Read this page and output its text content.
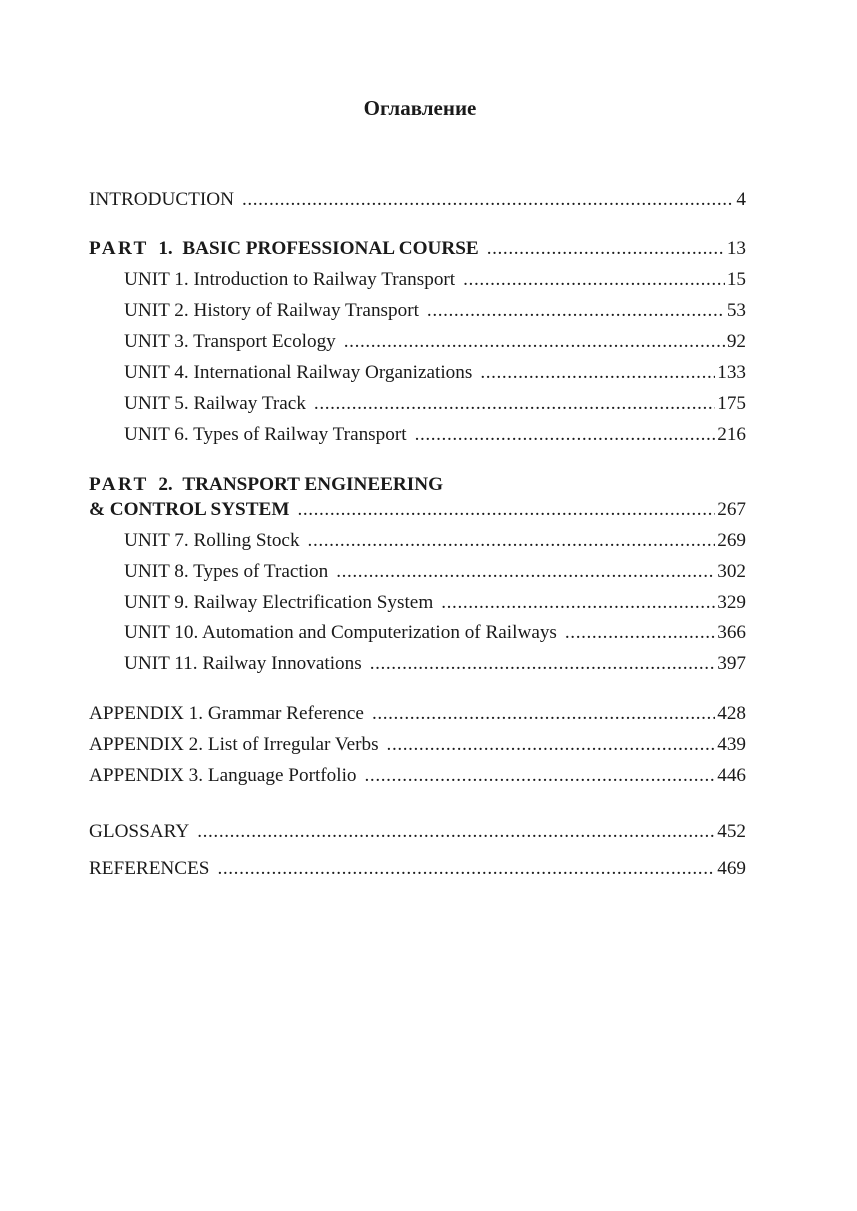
Оглавление
INTRODUCTION .....	4
PART 1. BASIC PROFESSIONAL COURSE .....	13
UNIT 1. Introduction to Railway Transport .....	15
UNIT 2. History of Railway Transport .....	53
UNIT 3. Transport Ecology .....	92
UNIT 4. International Railway Organizations .....	133
UNIT 5. Railway Track .....	175
UNIT 6. Types of Railway Transport .....	216
PART 2. TRANSPORT ENGINEERING
& CONTROL SYSTEM .....	267
UNIT 7. Rolling Stock .....	269
UNIT 8. Types of Traction .....	302
UNIT 9. Railway Electrification System .....	329
UNIT 10. Automation and Computerization of Railways .....	366
UNIT 11. Railway Innovations .....	397
APPENDIX 1. Grammar Reference .....	428
APPENDIX 2. List of Irregular Verbs .....	439
APPENDIX 3. Language Portfolio .....	446
GLOSSARY .....	452
REFERENCES .....	469
